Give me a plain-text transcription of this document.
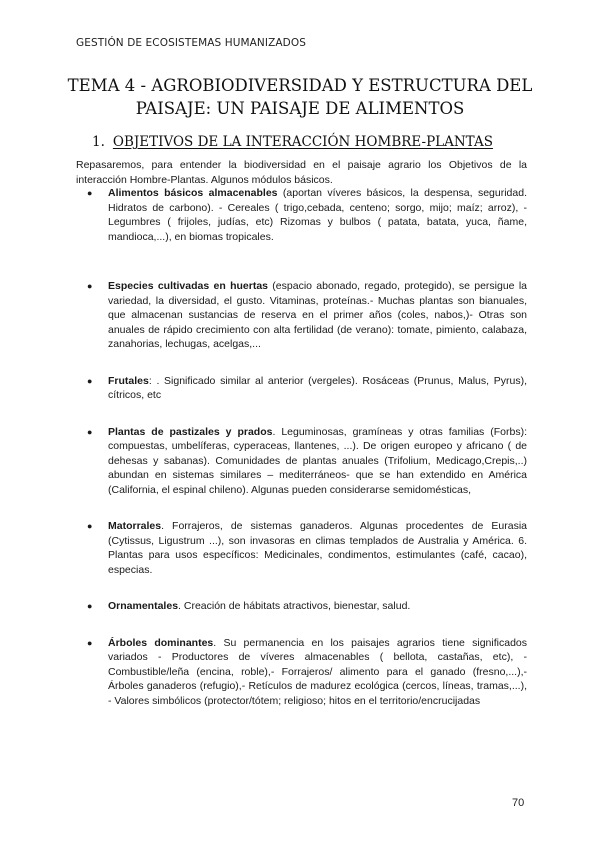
GESTIÓN DE ECOSISTEMAS HUMANIZADOS
TEMA 4 - AGROBIODIVERSIDAD Y ESTRUCTURA DEL
PAISAJE: UN PAISAJE DE ALIMENTOS
1. OBJETIVOS DE LA INTERACCIÓN HOMBRE-PLANTAS

Repasaremos, para entender la biodiversidad en el paisaje agrario los Objetivos de la interacción Hombre-Plantas. Algunos módulos básicos.

● Alimentos básicos almacenables (aportan víveres básicos, la despensa, seguridad. Hidratos de carbono). - Cereales ( trigo,cebada, centeno; sorgo, mijo; maíz; arroz), - Legumbres ( frijoles, judías, etc) Rizomas y bulbos ( patata, batata, yuca, ñame, mandioca,...), en biomas tropicales.
● Especies cultivadas en huertas (espacio abonado, regado, protegido), se persigue la variedad, la diversidad, el gusto. Vitaminas, proteínas.- Muchas plantas son bianuales, que almacenan sustancias de reserva en el primer años (coles, nabos,)- Otras son anuales de rápido crecimiento con alta fertilidad (de verano): tomate, pimiento, calabaza, zanahorias, lechugas, acelgas,...
● Frutales: . Significado similar al anterior (vergeles). Rosáceas (Prunus, Malus, Pyrus), cítricos, etc
● Plantas de pastizales y prados. Leguminosas, gramíneas y otras familias (Forbs): compuestas, umbelíferas, cyperaceas, llantenes, ...). De origen europeo y africano ( de dehesas y sabanas). Comunidades de plantas anuales (Trifolium, Medicago,Crepis,..) abundan en sistemas similares – mediterráneos- que se han extendido en América (California, el espinal chileno). Algunas pueden considerarse semidomésticas,
● Matorrales. Forrajeros, de sistemas ganaderos. Algunas procedentes de Eurasia (Cytissus, Ligustrum ...), son invasoras en climas templados de Australia y América. 6. Plantas para usos específicos: Medicinales, condimentos, estimulantes (café, cacao), especias.
● Ornamentales. Creación de hábitats atractivos, bienestar, salud.
● Árboles dominantes. Su permanencia en los paisajes agrarios tiene significados variados - Productores de víveres almacenables ( bellota, castañas, etc), - Combustible/leña (encina, roble),- Forrajeros/ alimento para el ganado (fresno,...),- Árboles ganaderos (refugio),- Retículos de madurez ecológica (cercos, líneas, tramas,...), - Valores simbólicos (protector/tótem; religioso; hitos en el territorio/encrucijadas
70
